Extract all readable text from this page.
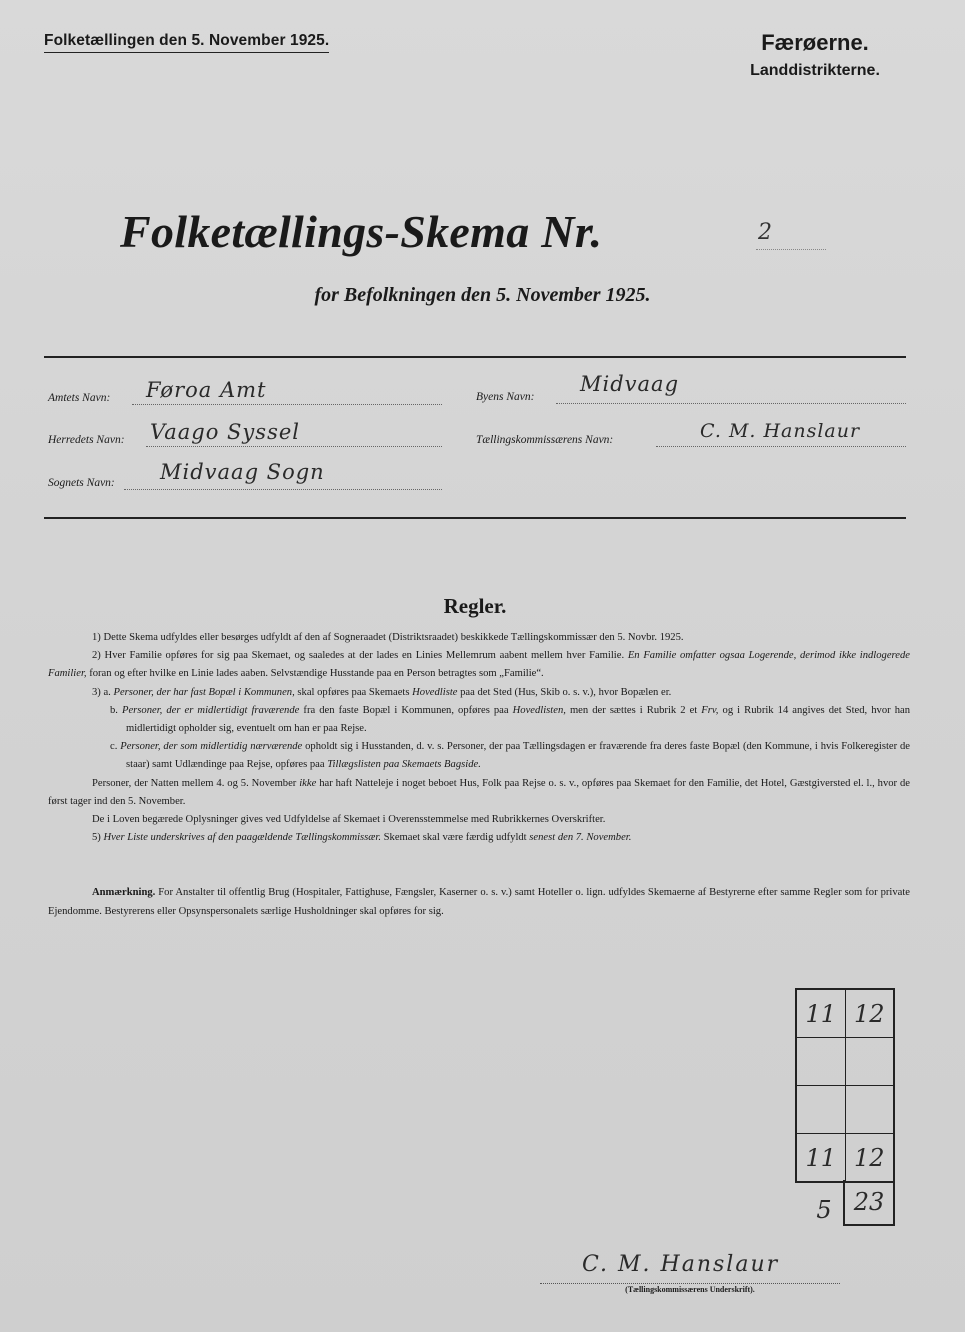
Folketællingen den 5. November 1925.	Færøerne.
Landdistrikterne.
Folketællings-Skema Nr.	2
for Befolkningen den 5. November 1925.
Amtets Navn: Føroa Amt
Herredets Navn: Vaago Syssel
Sognets Navn: Midvaag Sogn
Byens Navn:
Midvaag
Tællingskommissærens Navn:	C. M. Hanslaur
Regler.

1) Dette Skema udfyldes eller besørges udfyldt af den af Sogneraadet (Distriktsraadet) beskikkede Tællingskommissær den 5. Novbr. 1925.

2) Hver Familie opføres for sig paa Skemaet, og saaledes at der lades en Linies Mellemrum aabent mellem hver Familie. En Familie omfatter ogsaa Logerende, derimod ikke indlogerede Familier, foran og efter hvilke en Linie lades aaben. Selvstændige Husstande paa en Person betragtes som „Familie“.

3) a. Personer, der har fast Bopæl i Kommunen, skal opføres paa Skemaets Hovedliste paa det Sted (Hus, Skib o. s. v.), hvor Bopælen er.

b. Personer, der er midlertidigt fraværende fra den faste Bopæl i Kommunen, opføres paa Hovedlisten, men der sættes i Rubrik 2 et Frv, og i Rubrik 14 angives det Sted, hvor han midlertidigt opholder sig, eventuelt om han er paa Rejse.

c. Personer, der som midlertidig nærværende opholdt sig i Husstanden, d. v. s. Personer, der paa Tællingsdagen er fraværende fra deres faste Bopæl (den Kommune, i hvis Folkeregister de staar) samt Udlændinge paa Rejse, opføres paa Tillægslisten paa Skemaets Bagside.

Personer, der Natten mellem 4. og 5. November ikke har haft Natteleje i noget beboet Hus, Folk paa Rejse o. s. v., opføres paa Skemaet for den Familie, det Hotel, Gæstgiversted el. l., hvor de først tager ind den 5. November.

De i Loven begærede Oplysninger gives ved Udfyldelse af Skemaet i Overensstemmelse med Rubrikkernes Overskrifter.

5) Hver Liste underskrives af den paagældende Tællingskommissær. Skemaet skal være færdig udfyldt senest den 7. November.

Anmærkning. For Anstalter til offentlig Brug (Hospitaler, Fattighuse, Fængsler, Kaserner o. s. v.) samt Hoteller o. lign. udfyldes Skemaerne af Bestyrerne efter samme Regler som for private Ejendomme. Bestyrerens eller Opsynspersonalets særlige Husholdninger skal opføres for sig.

11 12
11 12
5 23
C. M. Hanslaur
(Tællingskommissærens Underskrift).
